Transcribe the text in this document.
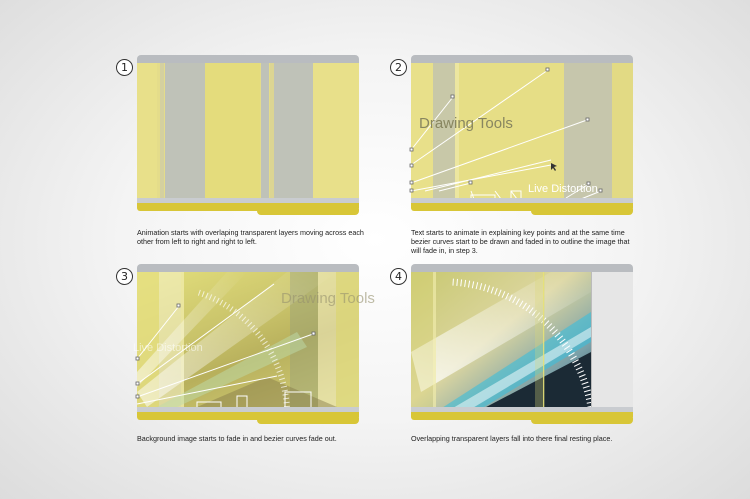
1
Animation starts with overlaping transparent layers moving across each other from left to right and right to left.
2
Drawing Tools
Live Distortion
Text starts to animate in explaining key points and at the same time bezier curves start to be drawn and faded in to outline the image that will fade in, in step 3.
3
Drawing Tools
Live Distortion
Background image starts to fade in and bezier curves fade out.
4
Overlapping transparent layers fall into there final resting place.
